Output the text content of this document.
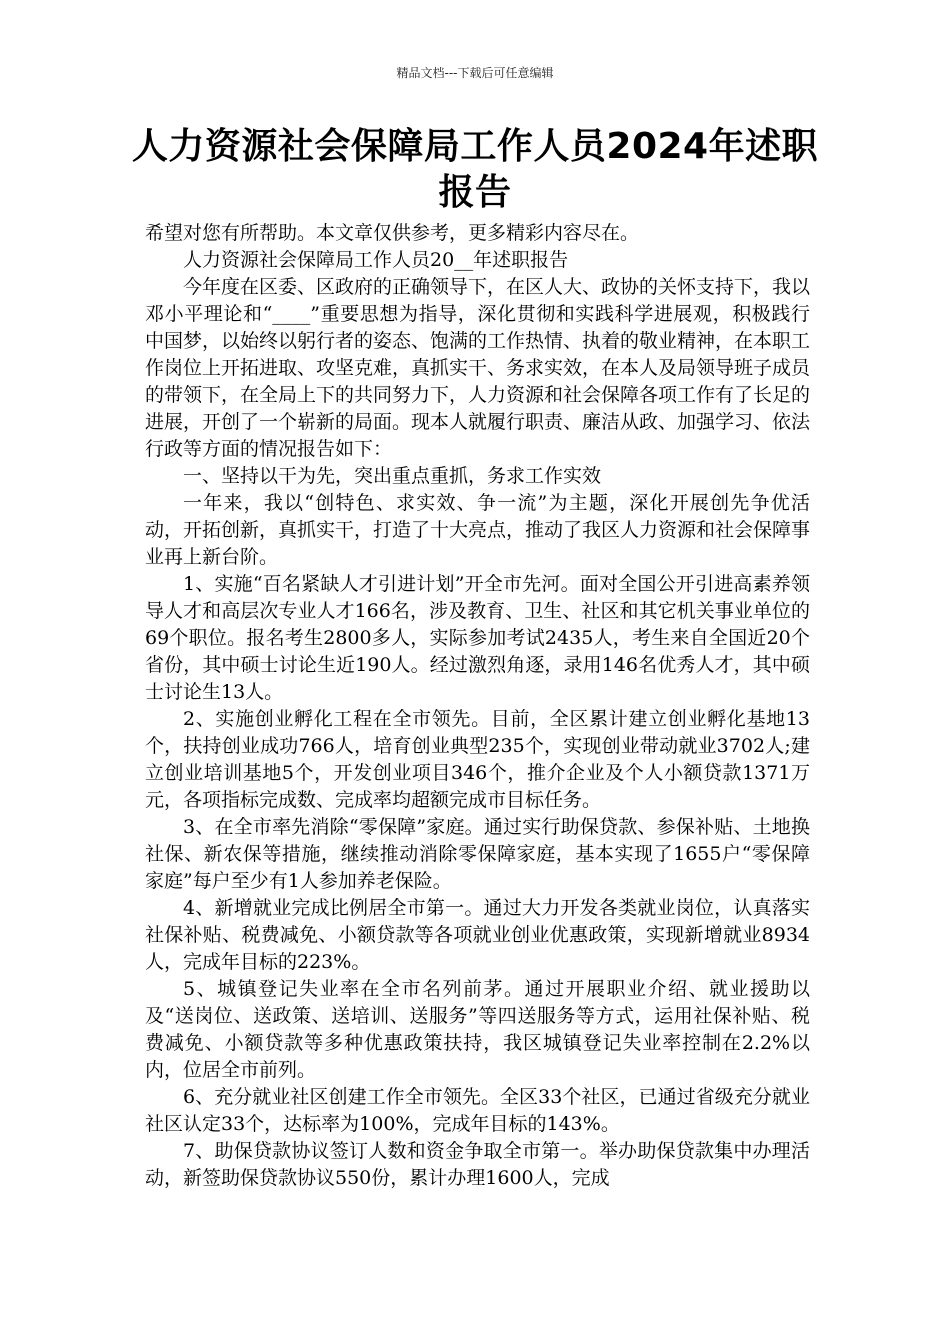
精品文档---下载后可任意编辑
人力资源社会保障局工作人员2024年述职报告

希望对您有所帮助。本文章仅供参考，更多精彩内容尽在。

人力资源社会保障局工作人员20__年述职报告

今年度在区委、区政府的正确领导下，在区人大、政协的关怀支持下，我以邓小平理论和“____”重要思想为指导，深化贯彻和实践科学进展观，积极践行中国梦，以始终以躬行者的姿态、饱满的工作热情、执着的敬业精神，在本职工作岗位上开拓进取、攻坚克难，真抓实干、务求实效，在本人及局领导班子成员的带领下，在全局上下的共同努力下，人力资源和社会保障各项工作有了长足的进展，开创了一个崭新的局面。现本人就履行职责、廉洁从政、加强学习、依法行政等方面的情况报告如下：

一、坚持以干为先，突出重点重抓，务求工作实效

一年来，我以“创特色、求实效、争一流”为主题，深化开展创先争优活动，开拓创新，真抓实干，打造了十大亮点，推动了我区人力资源和社会保障事业再上新台阶。

1、实施“百名紧缺人才引进计划”开全市先河。面对全国公开引进高素养领导人才和高层次专业人才166名，涉及教育、卫生、社区和其它机关事业单位的69个职位。报名考生2800多人，实际参加考试2435人，考生来自全国近20个省份，其中硕士讨论生近190人。经过激烈角逐，录用146名优秀人才，其中硕士讨论生13人。

2、实施创业孵化工程在全市领先。目前，全区累计建立创业孵化基地13个，扶持创业成功766人，培育创业典型235个，实现创业带动就业3702人;建立创业培训基地5个，开发创业项目346个，推介企业及个人小额贷款1371万元，各项指标完成数、完成率均超额完成市目标任务。

3、在全市率先消除“零保障”家庭。通过实行助保贷款、参保补贴、土地换社保、新农保等措施，继续推动消除零保障家庭，基本实现了1655户“零保障家庭”每户至少有1人参加养老保险。

4、新增就业完成比例居全市第一。通过大力开发各类就业岗位，认真落实社保补贴、税费减免、小额贷款等各项就业创业优惠政策，实现新增就业8934人，完成年目标的223%。

5、城镇登记失业率在全市名列前茅。通过开展职业介绍、就业援助以及“送岗位、送政策、送培训、送服务”等四送服务等方式，运用社保补贴、税费减免、小额贷款等多种优惠政策扶持，我区城镇登记失业率控制在2.2%以内，位居全市前列。

6、充分就业社区创建工作全市领先。全区33个社区，已通过省级充分就业社区认定33个，达标率为100%，完成年目标的143%。

7、助保贷款协议签订人数和资金争取全市第一。举办助保贷款集中办理活动，新签助保贷款协议550份，累计办理1600人，完成
